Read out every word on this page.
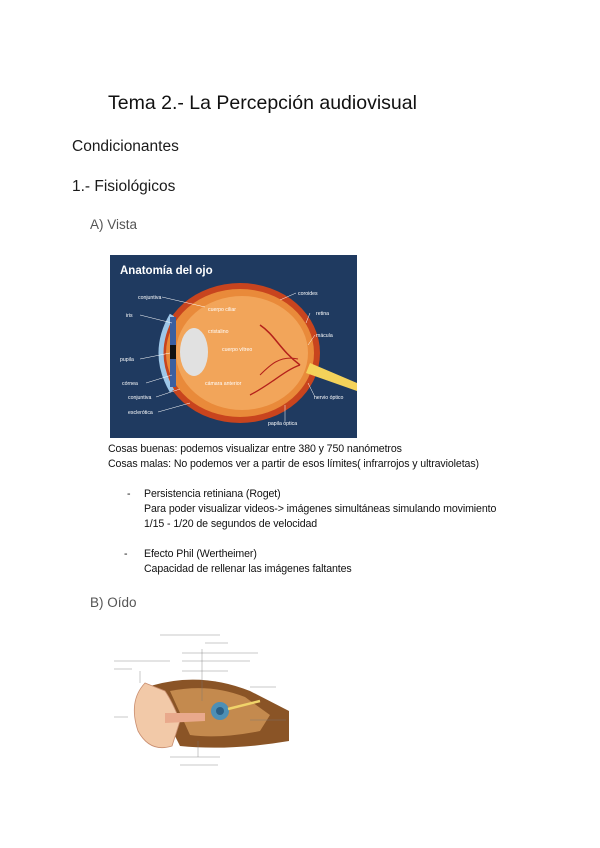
Tema 2.- La Percepción audiovisual
Condicionantes
1.- Fisiológicos
A) Vista
Anatomía del ojo
conjuntiva
iris
pupila
córnea
conjuntiva
esclerótica
cuerpo ciliar
cristalino
cuerpo vítreo
cámara anterior
coroides
retina
mácula
nervio óptico
papila óptica
Cosas buenas: podemos visualizar entre 380 y 750 nanómetros
Cosas malas: No podemos ver a partir de esos límites( infrarrojos y ultravioletas)
- Persistencia retiniana (Roget)
Para poder visualizar videos-> imágenes simultáneas simulando movimiento
1/15 - 1/20 de segundos de velocidad
- Efecto Phil (Wertheimer)
Capacidad de rellenar las imágenes faltantes
B) Oído
